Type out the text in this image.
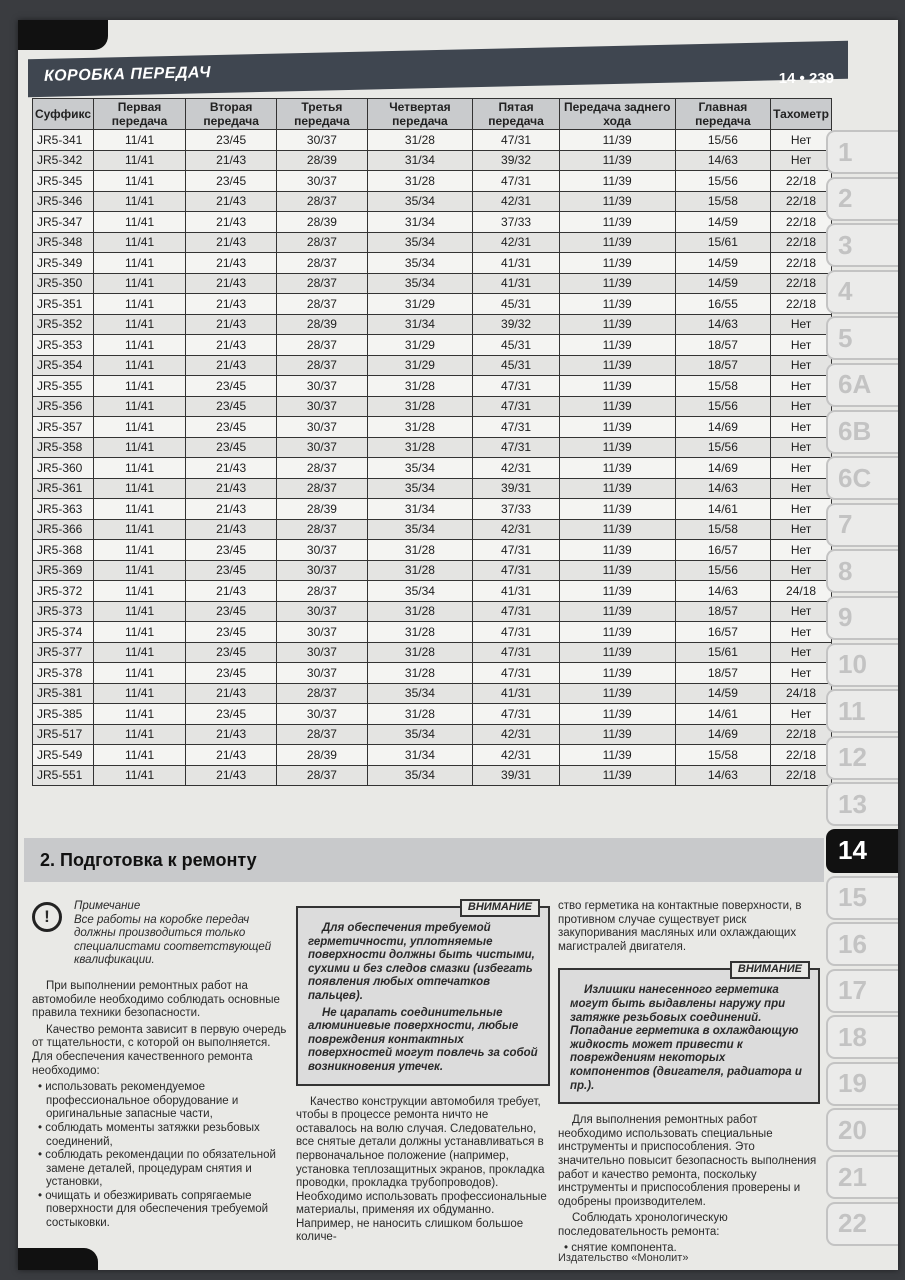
КОРОБКА ПЕРЕДАЧ	14 • 239
Суффикс	Первая передача	Вторая передача	Третья передача	Четвертая передача	Пятая передача	Передача заднего хода	Главная передача	Тахометр
JR5-341	11/41	23/45	30/37	31/28	47/31	11/39	15/56	Нет
JR5-342	11/41	21/43	28/39	31/34	39/32	11/39	14/63	Нет
JR5-345	11/41	23/45	30/37	31/28	47/31	11/39	15/56	22/18
JR5-346	11/41	21/43	28/37	35/34	42/31	11/39	15/58	22/18
JR5-347	11/41	21/43	28/39	31/34	37/33	11/39	14/59	22/18
JR5-348	11/41	21/43	28/37	35/34	42/31	11/39	15/61	22/18
JR5-349	11/41	21/43	28/37	35/34	41/31	11/39	14/59	22/18
JR5-350	11/41	21/43	28/37	35/34	41/31	11/39	14/59	22/18
JR5-351	11/41	21/43	28/37	31/29	45/31	11/39	16/55	22/18
JR5-352	11/41	21/43	28/39	31/34	39/32	11/39	14/63	Нет
JR5-353	11/41	21/43	28/37	31/29	45/31	11/39	18/57	Нет
JR5-354	11/41	21/43	28/37	31/29	45/31	11/39	18/57	Нет
JR5-355	11/41	23/45	30/37	31/28	47/31	11/39	15/58	Нет
JR5-356	11/41	23/45	30/37	31/28	47/31	11/39	15/56	Нет
JR5-357	11/41	23/45	30/37	31/28	47/31	11/39	14/69	Нет
JR5-358	11/41	23/45	30/37	31/28	47/31	11/39	15/56	Нет
JR5-360	11/41	21/43	28/37	35/34	42/31	11/39	14/69	Нет
JR5-361	11/41	21/43	28/37	35/34	39/31	11/39	14/63	Нет
JR5-363	11/41	21/43	28/39	31/34	37/33	11/39	14/61	Нет
JR5-366	11/41	21/43	28/37	35/34	42/31	11/39	15/58	Нет
JR5-368	11/41	23/45	30/37	31/28	47/31	11/39	16/57	Нет
JR5-369	11/41	23/45	30/37	31/28	47/31	11/39	15/56	Нет
JR5-372	11/41	21/43	28/37	35/34	41/31	11/39	14/63	24/18
JR5-373	11/41	23/45	30/37	31/28	47/31	11/39	18/57	Нет
JR5-374	11/41	23/45	30/37	31/28	47/31	11/39	16/57	Нет
JR5-377	11/41	23/45	30/37	31/28	47/31	11/39	15/61	Нет
JR5-378	11/41	23/45	30/37	31/28	47/31	11/39	18/57	Нет
JR5-381	11/41	21/43	28/37	35/34	41/31	11/39	14/59	24/18
JR5-385	11/41	23/45	30/37	31/28	47/31	11/39	14/61	Нет
JR5-517	11/41	21/43	28/37	35/34	42/31	11/39	14/69	22/18
JR5-549	11/41	21/43	28/39	31/34	42/31	11/39	15/58	22/18
JR5-551	11/41	21/43	28/37	35/34	39/31	11/39	14/63	22/18
1
2
3
4
5
6A
6B
6C
7
8
9
10
11
12
13
14
15
16
17
18
19
20
21
22
2. Подготовка к ремонту
!
Примечание
Все работы на коробке передач должны производиться только специалистами соответствующей квалификации.

При выполнении ремонтных работ на автомобиле необходимо соблюдать основные правила техники безопасности.

Качество ремонта зависит в первую очередь от тщательности, с которой он выполняется. Для обеспечения качественного ремонта необходимо:

• использовать рекомендуемое профессиональное оборудование и оригинальные запасные части,
• соблюдать моменты затяжки резьбовых соединений,
• соблюдать рекомендации по обязательной замене деталей, процедурам снятия и установки,
• очищать и обезжиривать сопрягаемые поверхности для обеспечения требуемой состыковки.
ВНИМАНИЕ

Для обеспечения требуемой герметичности, уплотняемые поверхности должны быть чистыми, сухими и без следов смазки (избегать появления любых отпечатков пальцев).

Не царапать соединительные алюминиевые поверхности, любые повреждения контактных поверхностей могут повлечь за собой возникновения утечек.

Качество конструкции автомобиля требует, чтобы в процессе ремонта ничто не оставалось на волю случая. Следовательно, все снятые детали должны устанавливаться в первоначальное положение (например, установка теплозащитных экранов, прокладка проводки, прокладка трубопроводов). Необходимо использовать профессиональные материалы, применяя их обдуманно. Например, не наносить слишком большое количе-

ство герметика на контактные поверхности, в противном случае существует риск закупоривания масляных или охлаждающих магистралей двигателя.

ВНИМАНИЕ

Излишки нанесенного герметика могут быть выдавлены наружу при затяжке резьбовых соединений. Попадание герметика в охлаждающую жидкость может привести к повреждениям некоторых компонентов (двигателя, радиатора и пр.).

Для выполнения ремонтных работ необходимо использовать специальные инструменты и приспособления. Это значительно повысит безопасность выполнения работ и качество ремонта, поскольку инструменты и приспособления проверены и одобрены производителем.

Соблюдать хронологическую последовательность ремонта:

• снятие компонента.
Издательство «Монолит»
